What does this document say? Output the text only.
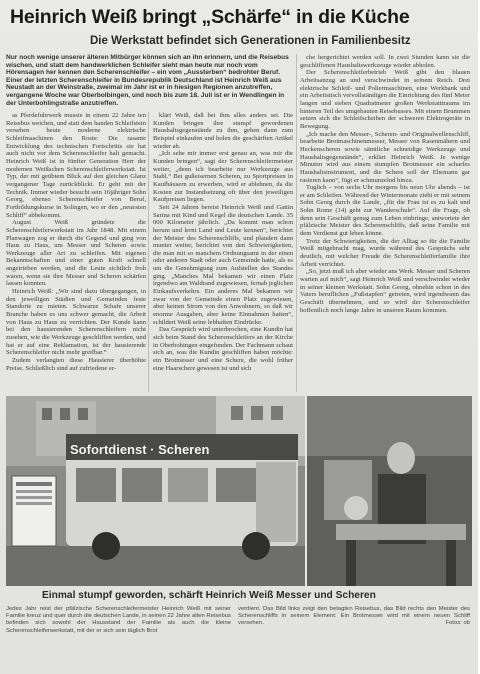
Heinrich Weiß bringt „Schärfe“ in die Küche
Die Werkstatt befindet sich Generationen in Familienbesitz
Nur noch wenige unserer älteren Mitbürger können sich an ihn erinnern, und die Reisebus wischen, und statt dem handwerklichen Schleifer sieht man heute nur noch vom Hörensagen her kennen den Scherenschleifer – ein vom „Aussterben“ bedrohter Beruf. Einer der letzten Scherenschleifer in Bundesrepublik Deutschland ist Heinrich Weiß aus Neustadt an der Weinstraße, zweimal im Jahr ist er in hiesigen Regionen anzutreffen, vergangene Woche war Oberbolbingen, und noch bis zum 18. Juli ist er in Wendlingen in der Unterbohlingstraße anzutreffen.

as Pferdefuhrwerk musste in einem 22 Jahre ten Reisebus weichen, und statt dem handen Schleifstein versehen heute moderne elektrische Schleifmaschinen den Roste: Die rasante Entwicklung des technischen Fortschritts sie hat auch nicht vor dem Scherenschleifer halt gemacht. Heinrich Weiß ist in fünfter Generation Herr der modernen Weißschen Scherenschleiferwerkstatt. Ist Typ, der mit geübtem Blick auf den gleichen Glanz vergangener Tage zurückblickt. Er geht mit der Technik. Immer wieder besucht sein 16jähriger Sohn Georg, ebenso Scherenschleifer von Beruf, Fortbildungskurse in Solingen, wo er den „neuesten Schliff“ abbekommt.

August Weiß gründete die Scherenschleiferwerkstatt im Jahr 1848. Mit einem Planwagen zog er durch die Gegend und ging von Haus zu Haus, um Messer und Scheren sowie Werkzeuge aller Art zu schleifen. Mit eigenen Bekanntschaften und einer guten Kraft schnell angetrieben werden, und die Leute sichtlich froh waren, wenn sie ihre Messer und Scheren schärfen lassen konnten.

Heinrich Weiß: „Wir sind dazu übergegangen, in den jeweiligen Städten und Gemeinden feste Standorte zu mieten. Schwarze Schafe unserer Branche haben es uns schwer gemacht, die Arbeit von Haus zu Haus zu verrichten. Der Kunde kann bei den hausierenden Scherenschleifern nicht zusehen, wie die Werkzeuge geschliffen werden, und hat er auf eine Reklamation, ist der hausierende Scherenschleifer nicht mehr greifbar.“

Zudem verlangten diese Hausierer überhöhte Preise. Schließlich sind auf zufriedene er-

klärt Weiß, daß bei ihm alles anders sei. Die Kunden bringen ihre stumpf gewordenen Haushaltsgegenstände zu ihm, gehen dann zum Beispiel einkaufen und holen die geschärften Artikel wieder ab.

„Ich sehe mir immer erst genau an, was mir die Kunden bringen“, sagt der Scherenschleifermeister weiter, „denn ich bearbeite nur Werkzeuge aus Stahl.“ Bei gußeisernen Scheren, zu Sportpreisen in Kaufhäusern zu erwerben, wird er ablehnen, da die Kosten zur Instandsetzung oft über den jeweiligen Kaufpreisen liegen.

Seit 24 Jahren bereist Heinrich Weiß und Gattin Sarina mit Kind und Kegel die deutschen Lande. 35 000 Kilometer jährlich. „Da kommt man schon herum und lernt Land und Leute kennen“, berichtet der Meister des Scherenschliffs, und plaudert dann munter weiter, berichtet von den Schwierigkeiten, die man mit so manchem Ordnungsamt in der einen oder anderen Stadt oder auch Gemeinde hatte, als es um die Genehmigung zum Aufstellen des Standes ging. „Manches Mal bekamen wir einen Platz irgendwo am Waldrand zugewiesen, fernab jeglichen Einkaufsverkehrs. Ein anderes Mal bekamen wir zwar von der Gemeinde einen Platz zugewiesen, aber keinen Strom von den Anwohnern, so daß wir enorme Ausgaben, aber keine Einnahmen hatten“, schildert Weiß seine lebhaften Eindrücke.

Das Gespräch wird unterbrochen, eine Kundin hat sich beim Stand des Scherenschleifers an der Kirche in Oberbohingen eingefunden. Der Fachmann schaut sich an, was die Kundin geschliffen haben möchte: ein Brotmesser und eine Schere, die wohl früher eine Haarschere gewesen ist und sich

che hergerichtet werden soll. In zwei Stunden kann sie die geschliffenen Haushaltswerkzeuge wieder abholen.

Der Scherenschleiferbetrieb Weiß gibt den blauen Arbeitsanzug an und verschwindet in seinem Reich. Drei elektrische Schleif- und Poliermaschinen, eine Werkbank und ein Arbeitstisch vervollständigen die Einrichtung des fünf Meter langen und sieben Quadratmeter großen Werkstatttraums im hinteren Teil des umgebauten Reisebusses. Mit einem Brummen setzen sich die Schleifscheiben der schweren Elektrogeräte in Bewegung.

„Ich mache den Messer-, Scheren- und Originalwellenschliff, bearbeite Brotmaschinenmesser, Messer von Rasenmähern und Heckenscheren sowie sämtliche schneidige Werkzeuge und Haushaltsgegenstände“, erklärt Heinrich Weiß. Je wenige Minuten wird aus einem stumpfen Brotmesser ein scharfes Haushaltsinstrument, und die Schere soll der Ehemann gar rasieren kann“, fügt er schmunzelnd hinzu.

Tuglich – von sechs Uhr morgens bis neun Uhr abends – ist er am Schleifen. Während der Wintermonate zieht er mit seinem Sohn Georg durch die Lande, „für die Frau ist es zu kalt und Sohn Rome (14) geht zur Wanderschule“. Auf die Frage, ob denn sein Geschäft genug zum Leben einbringe, antwortete der pfälzische Meister des Scherenschliffs, daß seine Familie mit dem Verdienst gut leben könne.

Trotz der Schwierigkeiten, die der Alltag so für die Familie Weiß mitgebracht mag, wurde während des Gesprächs sehr deutlich, mit welcher Freude die Scherenschleiferfamilie ihre Arbeit verrichtet.

„So, jetzt muß ich aber wieder ans Werk. Messer und Scheren warten auf mich“, sagt Heinrich Weiß und verschwindet wieder in seiner kleinen Werkstatt. Sohn Georg, ohnehin schon in des Vaters beruflichen „Fußstapfen“ getreten, wird irgendwann das Geschäft übernehmen, und so wird der Scherenschleifer hoffentlich noch lange Jahre in unseren Raum kommen.

Sofortdienst · Scheren
Einmal stumpf geworden, schärft Heinrich Weiß Messer und Scheren
Jedes Jahr reist der pfälzische Scherenschleifermeister Heinrich Weiß mit seiner Familie kreuz und quer durch die deutschen Lande, in seinen 22 Jahre alten Reisebus befinden sich sowohl der Hausstand der Familie als auch die kleine Scherenschleiferwerkstatt, mit der er sich sein täglich Brot
verdient. Das Bild links zeigt den betagten Reisebus, das Bild rechts den Meister des Scherenschliffs in seinem Element: Ein Brotmesser wird mit einem neuen Schliff versehen.	Fotos: ob
